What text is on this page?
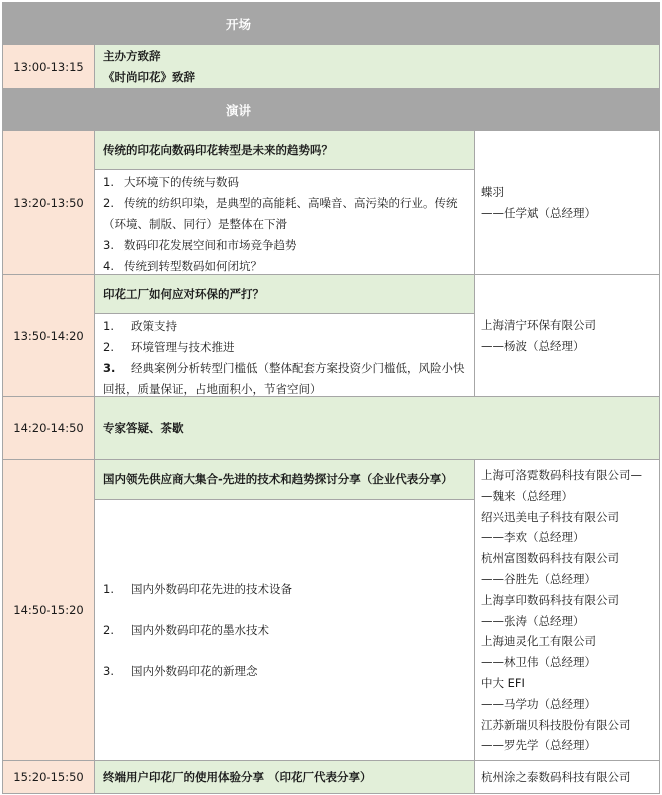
开场
13:00-13:15
主办方致辞
《时尚印花》致辞
演讲
13:20-13:50
传统的印花向数码印花转型是未来的趋势吗？
1. 大环境下的传统与数码
2. 传统的纺织印染，是典型的高能耗、高噪音、高污染的行业。传统（环境、制版、同行）是整体在下滑
3. 数码印花发展空间和市场竞争趋势
4. 传统到转型数码如何闭坑？
蝶羽
——任学斌（总经理）
13:50-14:20
印花工厂如何应对环保的严打？
1. 政策支持
2. 环境管理与技术推进
3. 经典案例分析转型门槛低（整体配套方案投资少门槛低，风险小快回报，质量保证，占地面积小，节省空间）
上海清宁环保有限公司
——杨波（总经理）
14:20-14:50 专家答疑、茶歇
14:50-15:20
国内领先供应商大集合-先进的技术和趋势探讨分享（企业代表分享）
1. 国内外数码印花先进的技术设备
2. 国内外数码印花的墨水技术
3. 国内外数码印花的新理念
上海可洛霓数码科技有限公司—
—魏来（总经理）
绍兴迅美电子科技有限公司
——李欢（总经理）
杭州富图数码科技有限公司
——谷胜先（总经理）
上海享印数码科技有限公司
——张涛（总经理）
上海迪灵化工有限公司
——林卫伟（总经理）
中大 EFI
——马学功（总经理）
江苏新瑞贝科技股份有限公司
——罗先学（总经理）
15:20-15:50 终端用户印花厂的使用体验分享 （印花厂代表分享）	杭州涂之泰数码科技有限公司
